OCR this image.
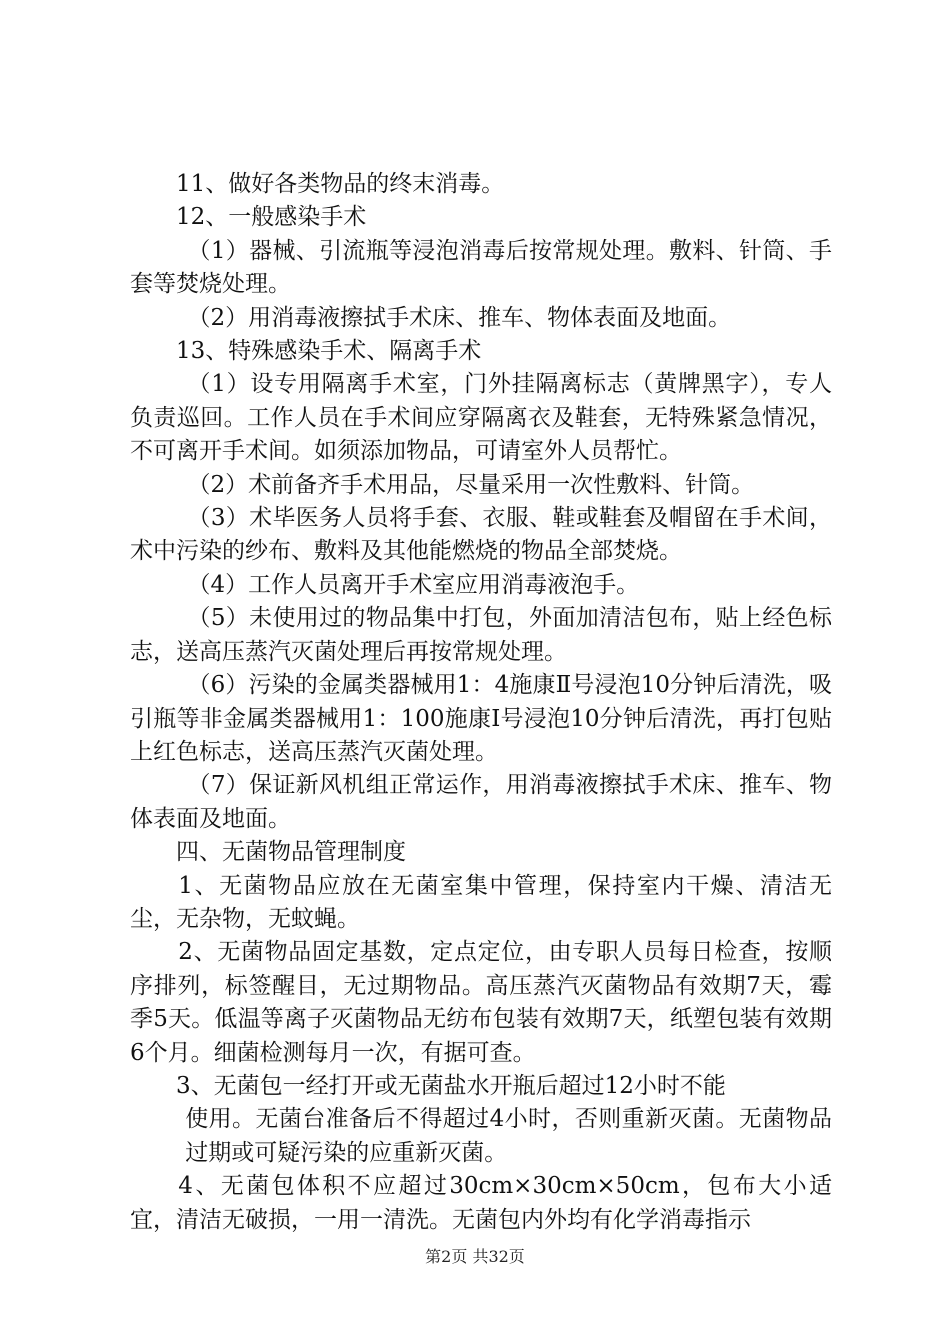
11、做好各类物品的终末消毒。

12、一般感染手术

（1）器械、引流瓶等浸泡消毒后按常规处理。敷料、针筒、手套等焚烧处理。

（2）用消毒液擦拭手术床、推车、物体表面及地面。

13、特殊感染手术、隔离手术

（1）设专用隔离手术室，门外挂隔离标志（黄牌黑字），专人负责巡回。工作人员在手术间应穿隔离衣及鞋套，无特殊紧急情况，不可离开手术间。如须添加物品，可请室外人员帮忙。

（2）术前备齐手术用品，尽量采用一次性敷料、针筒。

（3）术毕医务人员将手套、衣服、鞋或鞋套及帽留在手术间，术中污染的纱布、敷料及其他能燃烧的物品全部焚烧。

（4）工作人员离开手术室应用消毒液泡手。

（5）未使用过的物品集中打包，外面加清洁包布，贴上经色标志，送高压蒸汽灭菌处理后再按常规处理。

（6）污染的金属类器械用1：4施康Ⅱ号浸泡10分钟后清洗，吸引瓶等非金属类器械用1：100施康Ⅰ号浸泡10分钟后清洗，再打包贴上红色标志，送高压蒸汽灭菌处理。

（7）保证新风机组正常运作，用消毒液擦拭手术床、推车、物体表面及地面。

四、无菌物品管理制度

1、无菌物品应放在无菌室集中管理，保持室内干燥、清洁无尘，无杂物，无蚊蝇。

2、无菌物品固定基数，定点定位，由专职人员每日检查，按顺序排列，标签醒目，无过期物品。高压蒸汽灭菌物品有效期7天，霉季5天。低温等离子灭菌物品无纺布包装有效期7天，纸塑包装有效期6个月。细菌检测每月一次，有据可查。

3、无菌包一经打开或无菌盐水开瓶后超过12小时不能

使用。无菌台准备后不得超过4小时，否则重新灭菌。无菌物品过期或可疑污染的应重新灭菌。

4、无菌包体积不应超过30cm×30cm×50cm，包布大小适宜，清洁无破损，一用一清洗。无菌包内外均有化学消毒指示

第2页 共32页
